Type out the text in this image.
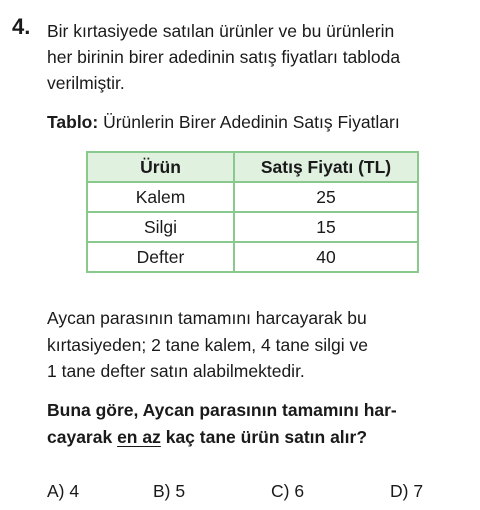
4. Bir kırtasiyede satılan ürünler ve bu ürünlerin
her birinin birer adedinin satış fiyatları tabloda
verilmiştir.
Tablo: Ürünlerin Birer Adedinin Satış Fiyatları
Ürün	Satış Fiyatı (TL)
Kalem	25
Silgi	15
Defter	40
Aycan parasının tamamını harcayarak bu
kırtasiyeden; 2 tane kalem, 4 tane silgi ve
1 tane defter satın alabilmektedir.
Buna göre, Aycan parasının tamamını har-
cayarak en az kaç tane ürün satın alır?
A) 4	B) 5	C) 6	D) 7
